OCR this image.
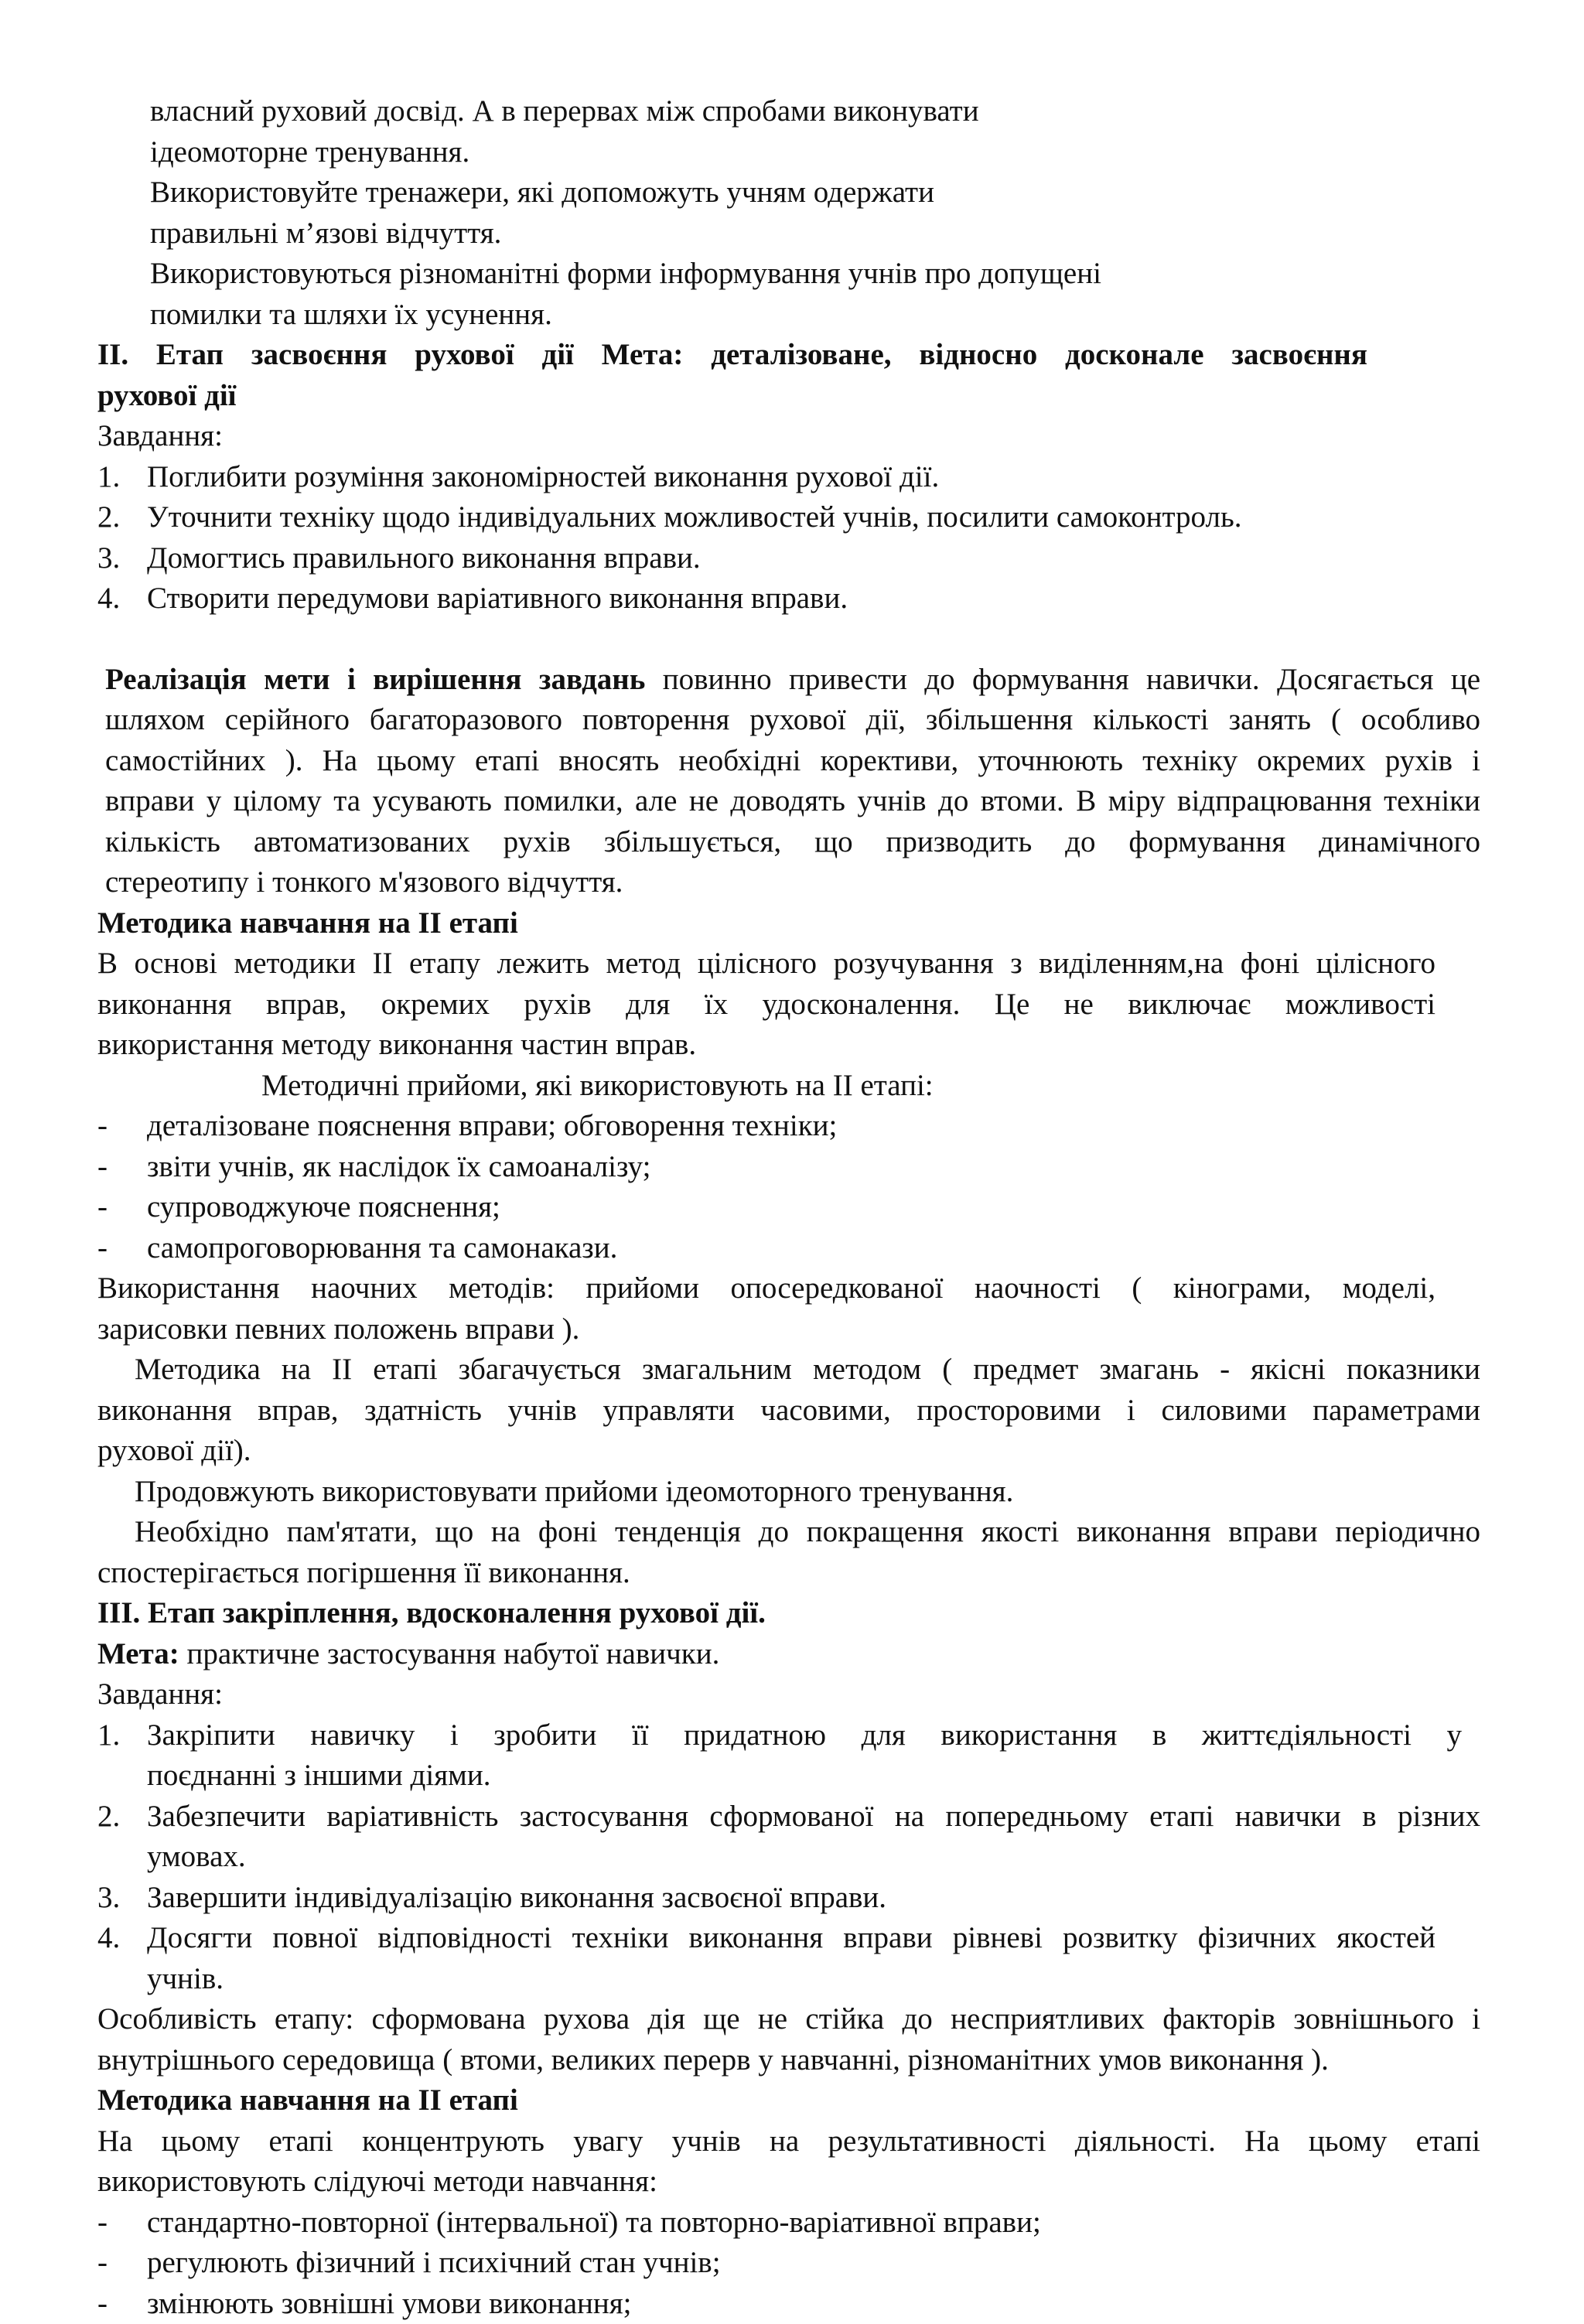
власний руховий досвід. А в перервах між спробами виконувати
ідеомоторне тренування.
Використовуйте тренажери, які допоможуть учням одержати
правильні м’язові відчуття.
Використовуються різноманітні форми інформування учнів про допущені
помилки та шляхи їх усунення.
ІІ. Етап засвоєння рухової дії Мета: деталізоване, відносно досконале засвоєння
рухової дії
Завдання:
1. Поглибити розуміння закономірностей виконання рухової дії.
2. Уточнити техніку щодо індивідуальних можливостей учнів, посилити самоконтроль.
3. Домогтись правильного виконання вправи.
4. Створити передумови варіативного виконання вправи.
Реалізація мети і вирішення завдань повинно привести до формування навички. Досягається це
шляхом серійного багаторазового повторення рухової дії, збільшення кількості занять ( особливо
самостійних ). На цьому етапі вносять необхідні корективи, уточнюють техніку окремих рухів і
вправи у цілому та усувають помилки, але не доводять учнів до втоми. В міру відпрацювання техніки
кількість автоматизованих рухів збільшується, що призводить до формування динамічного
стереотипу і тонкого м'язового відчуття.
Методика навчання на ІІ етапі
В основі методики ІІ етапу лежить метод цілісного розучування з виділенням,на фоні цілісного
виконання вправ, окремих рухів для їх удосконалення. Це не виключає можливості
використання методу виконання частин вправ.
Методичні прийоми, які використовують на ІІ етапі:
-	деталізоване пояснення вправи; обговорення техніки;
-	звіти учнів, як наслідок їх самоаналізу;
-	супроводжуюче пояснення;
-	самопроговорювання та самонакази.
Використання наочних методів: прийоми опосередкованої наочності ( кінограми, моделі,
зарисовки певних положень вправи ).
Методика на ІІ етапі збагачується змагальним методом ( предмет змагань - якісні показники
виконання вправ, здатність учнів управляти часовими, просторовими і силовими параметрами
рухової дії).
Продовжують використовувати прийоми ідеомоторного тренування.
Необхідно пам'ятати, що на фоні тенденція до покращення якості виконання вправи періодично
спостерігається погіршення її виконання.
ІІІ. Етап закріплення, вдосконалення рухової дії.
Мета: практичне застосування набутої навички.
Завдання:
1. Закріпити навичку і зробити її придатною для використання в життєдіяльності у
поєднанні з іншими діями.
2. Забезпечити варіативність застосування сформованої на попередньому етапі навички в різних
умовах.
3. Завершити індивідуалізацію виконання засвоєної вправи.
4. Досягти повної відповідності техніки виконання вправи рівневі розвитку фізичних якостей
учнів.
Особливість етапу: сформована рухова дія ще не стійка до несприятливих факторів зовнішнього і
внутрішнього середовища ( втоми, великих перерв у навчанні, різноманітних умов виконання ).
Методика навчання на ІІ етапі
На цьому етапі концентрують увагу учнів на результативності діяльності. На цьому етапі
використовують слідуючі методи навчання:
-	стандартно-повторної (інтервальної) та повторно-варіативної вправи;
-	регулюють фізичний і психічний стан учнів;
-	змінюють зовнішні умови виконання;
